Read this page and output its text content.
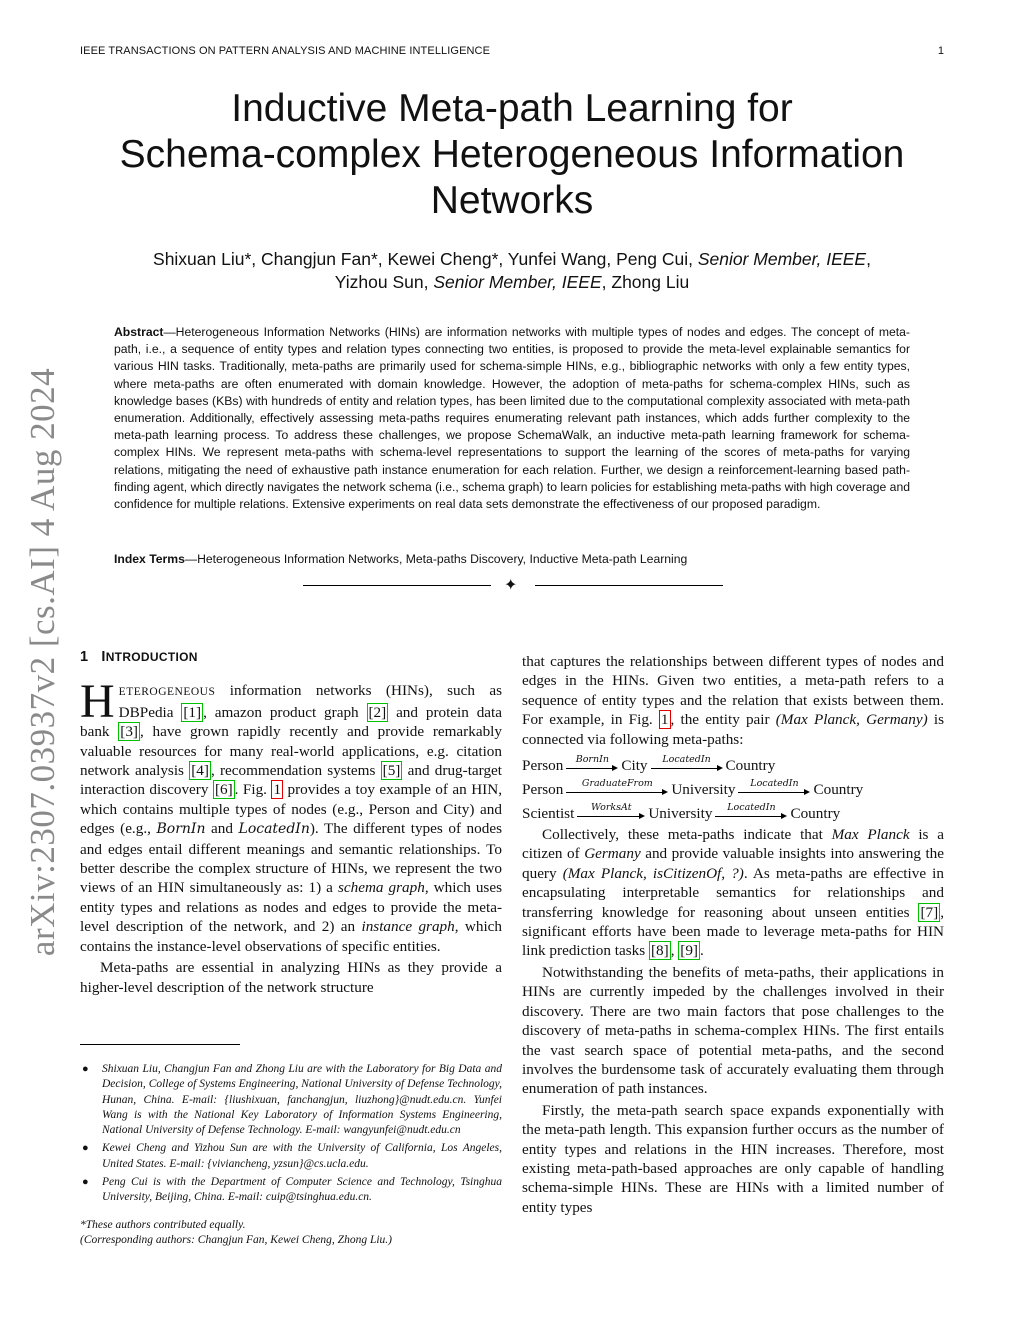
IEEE TRANSACTIONS ON PATTERN ANALYSIS AND MACHINE INTELLIGENCE	1
arXiv:2307.03937v2 [cs.AI] 4 Aug 2024
Inductive Meta-path Learning for
Schema-complex Heterogeneous Information
Networks
Shixuan Liu*, Changjun Fan*, Kewei Cheng*, Yunfei Wang, Peng Cui, Senior Member, IEEE,
Yizhou Sun, Senior Member, IEEE, Zhong Liu
Abstract—Heterogeneous Information Networks (HINs) are information networks with multiple types of nodes and edges. The concept of meta-path, i.e., a sequence of entity types and relation types connecting two entities, is proposed to provide the meta-level explainable semantics for various HIN tasks. Traditionally, meta-paths are primarily used for schema-simple HINs, e.g., bibliographic networks with only a few entity types, where meta-paths are often enumerated with domain knowledge. However, the adoption of meta-paths for schema-complex HINs, such as knowledge bases (KBs) with hundreds of entity and relation types, has been limited due to the computational complexity associated with meta-path enumeration. Additionally, effectively assessing meta-paths requires enumerating relevant path instances, which adds further complexity to the meta-path learning process. To address these challenges, we propose SchemaWalk, an inductive meta-path learning framework for schema-complex HINs. We represent meta-paths with schema-level representations to support the learning of the scores of meta-paths for varying relations, mitigating the need of exhaustive path instance enumeration for each relation. Further, we design a reinforcement-learning based path-finding agent, which directly navigates the network schema (i.e., schema graph) to learn policies for establishing meta-paths with high coverage and confidence for multiple relations. Extensive experiments on real data sets demonstrate the effectiveness of our proposed paradigm.
Index Terms—Heterogeneous Information Networks, Meta-paths Discovery, Inductive Meta-path Learning
✦
1 INTRODUCTION

HETEROGENEOUS information networks (HINs), such as DBPedia [1] , amazon product graph [2] and protein data bank [3] , have grown rapidly recently and provide remarkably valuable resources for many real-world applications, e.g. citation network analysis [4] , recommendation systems [5] and drug-target interaction discovery [6] . Fig. 1 provides a toy example of an HIN, which contains multiple types of nodes (e.g., Person and City) and edges (e.g., BornIn and LocatedIn). The different types of nodes and edges entail different meanings and semantic relationships. To better describe the complex structure of HINs, we represent the two views of an HIN simultaneously as: 1) a schema graph, which uses entity types and relations as nodes and edges to provide the meta-level description of the network, and 2) an instance graph, which contains the instance-level observations of specific entities.

Meta-paths are essential in analyzing HINs as they provide a higher-level description of the network structure

● Shixuan Liu, Changjun Fan and Zhong Liu are with the Laboratory for Big Data and Decision, College of Systems Engineering, National University of Defense Technology, Hunan, China. E-mail: {liushixuan, fanchangjun, liuzhong}@nudt.edu.cn. Yunfei Wang is with the National Key Laboratory of Information Systems Engineering, National University of Defense Technology. E-mail: wangyunfei@nudt.edu.cn
● Kewei Cheng and Yizhou Sun are with the University of California, Los Angeles, United States. E-mail: {viviancheng, yzsun}@cs.ucla.edu.
● Peng Cui is with the Department of Computer Science and Technology, Tsinghua University, Beijing, China. E-mail: cuip@tsinghua.edu.cn.
*These authors contributed equally.
(Corresponding authors: Changjun Fan, Kewei Cheng, Zhong Liu.)

that captures the relationships between different types of nodes and edges in the HINs. Given two entities, a meta-path refers to a sequence of entity types and the relation that exists between them. For example, in Fig. 1 , the entity pair (Max Planck, Germany) is connected via following meta-paths:

Person BornIn City LocatedIn Country
Person GraduateFrom University LocatedIn Country
Scientist WorksAt University LocatedIn Country

Collectively, these meta-paths indicate that Max Planck is a citizen of Germany and provide valuable insights into answering the query (Max Planck, isCitizenOf, ?). As meta-paths are effective in encapsulating interpretable semantics for relationships and transferring knowledge for reasoning about unseen entities [7] , significant efforts have been made to leverage meta-paths for HIN link prediction tasks [8] , [9] .

Notwithstanding the benefits of meta-paths, their applications in HINs are currently impeded by the challenges involved in their discovery. There are two main factors that pose challenges to the discovery of meta-paths in schema-complex HINs. The first entails the vast search space of potential meta-paths, and the second involves the burdensome task of accurately evaluating them through enumeration of path instances.

Firstly, the meta-path search space expands exponentially with the meta-path length. This expansion further occurs as the number of entity types and relations in the HIN increases. Therefore, most existing meta-path-based approaches are only capable of handling schema-simple HINs. These are HINs with a limited number of entity types
